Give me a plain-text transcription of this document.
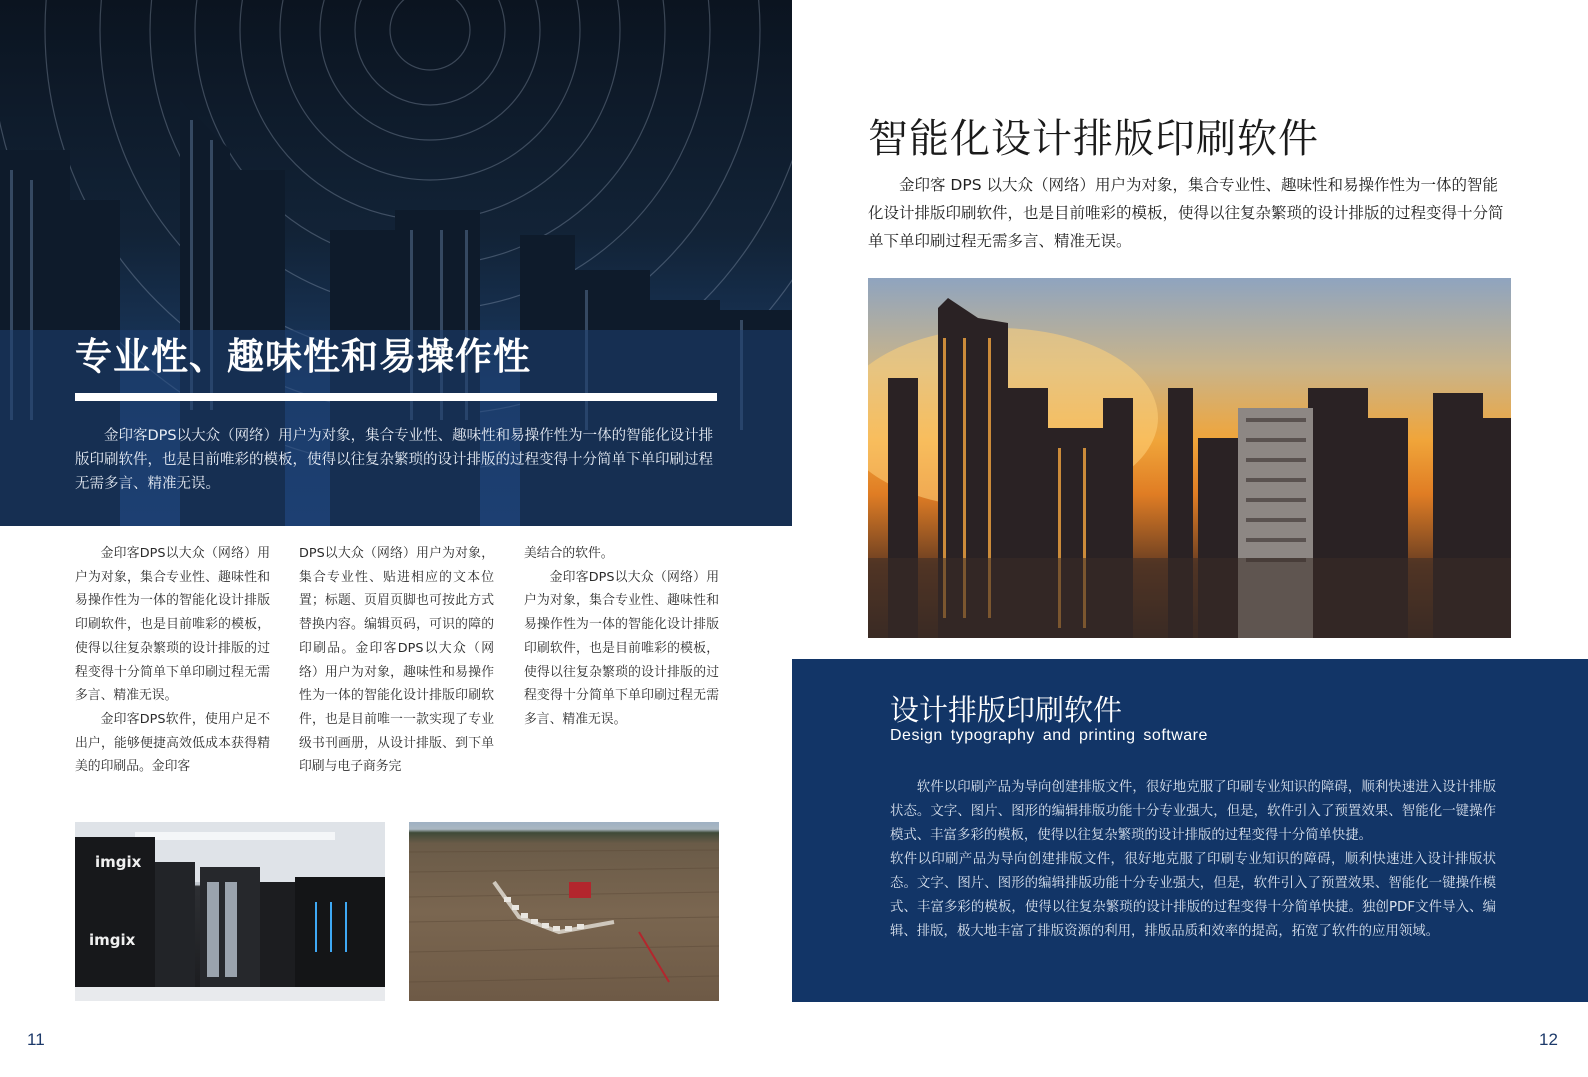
专业性、趣味性和易操作性

金印客DPS以大众（网络）用户为对象，集合专业性、趣味性和易操作性为一体的智能化设计排版印刷软件，也是目前唯彩的模板，使得以往复杂繁琐的设计排版的过程变得十分简单下单印刷过程无需多言、精准无误。

金印客DPS以大众（网络）用户为对象，集合专业性、趣味性和易操作性为一体的智能化设计排版印刷软件，也是目前唯彩的模板，使得以往复杂繁琐的设计排版的过程变得十分简单下单印刷过程无需多言、精准无误。

金印客DPS软件，使用户足不出户，能够便捷高效低成本获得精美的印刷品。金印客

DPS以大众（网络）用户为对象，集合专业性、贴进相应的文本位置；标题、页眉页脚也可按此方式替换内容。编辑页码，可识的障的印刷品。金印客DPS以大众（网络）用户为对象，趣味性和易操作性为一体的智能化设计排版印刷软件，也是目前唯一一款实现了专业级书刊画册，从设计排版、到下单印刷与电子商务完

美结合的软件。

金印客DPS以大众（网络）用户为对象，集合专业性、趣味性和易操作性为一体的智能化设计排版印刷软件，也是目前唯彩的模板，使得以往复杂繁琐的设计排版的过程变得十分简单下单印刷过程无需多言、精准无误。

imgix
imgix
11
智能化设计排版印刷软件

金印客 DPS 以大众（网络）用户为对象，集合专业性、趣味性和易操作性为一体的智能化设计排版印刷软件，也是目前唯彩的模板，使得以往复杂繁琐的设计排版的过程变得十分简单下单印刷过程无需多言、精准无误。

设计排版印刷软件
Design typography and printing software

软件以印刷产品为导向创建排版文件，很好地克服了印刷专业知识的障碍，顺利快速进入设计排版状态。文字、图片、图形的编辑排版功能十分专业强大，但是，软件引入了预置效果、智能化一键操作模式、丰富多彩的模板，使得以往复杂繁琐的设计排版的过程变得十分简单快捷。

软件以印刷产品为导向创建排版文件，很好地克服了印刷专业知识的障碍，顺利快速进入设计排版状态。文字、图片、图形的编辑排版功能十分专业强大，但是，软件引入了预置效果、智能化一键操作模式、丰富多彩的模板，使得以往复杂繁琐的设计排版的过程变得十分简单快捷。独创PDF文件导入、编辑、排版，极大地丰富了排版资源的利用，排版品质和效率的提高，拓宽了软件的应用领域。

12
